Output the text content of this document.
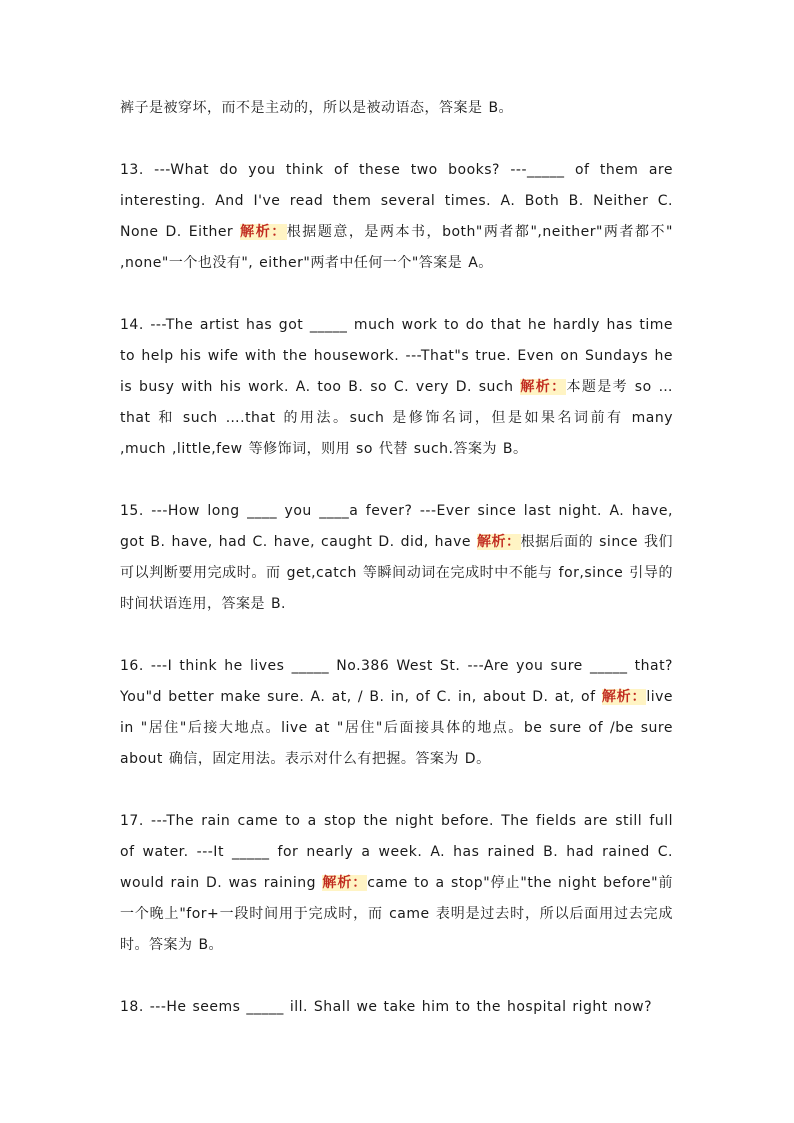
裤子是被穿坏，而不是主动的，所以是被动语态，答案是 B。

13. ---What do you think of these two books? ---_____ of them are interesting. And I've read them several times. A. Both B. Neither C. None D. Either 解析：根据题意，是两本书，both"两者都",neither"两者都不" ,none"一个也没有", either"两者中任何一个"答案是 A。

14. ---The artist has got _____ much work to do that he hardly has time to help his wife with the housework. ---That"s true. Even on Sundays he is busy with his work. A. too B. so C. very D. such 解析：本题是考 so …that 和 such ….that 的用法。such 是修饰名词，但是如果名词前有 many ,much ,little,few 等修饰词，则用 so 代替 such.答案为 B。

15. ---How long ____ you ____a fever? ---Ever since last night. A. have, got B. have, had C. have, caught D. did, have 解析：根据后面的 since 我们可以判断要用完成时。而 get,catch 等瞬间动词在完成时中不能与 for,since 引导的时间状语连用，答案是 B.

16. ---I think he lives _____ No.386 West St. ---Are you sure _____ that? You"d better make sure. A. at, / B. in, of C. in, about D. at, of 解析：live in "居住"后接大地点。live at "居住"后面接具体的地点。be sure of /be sure about 确信，固定用法。表示对什么有把握。答案为 D。

17. ---The rain came to a stop the night before. The fields are still full of water. ---It _____ for nearly a week. A. has rained B. had rained C. would rain D. was raining 解析：came to a stop"停止"the night before"前一个晚上"for+一段时间用于完成时，而 came 表明是过去时，所以后面用过去完成时。答案为 B。

18. ---He seems _____ ill. Shall we take him to the hospital right now?
